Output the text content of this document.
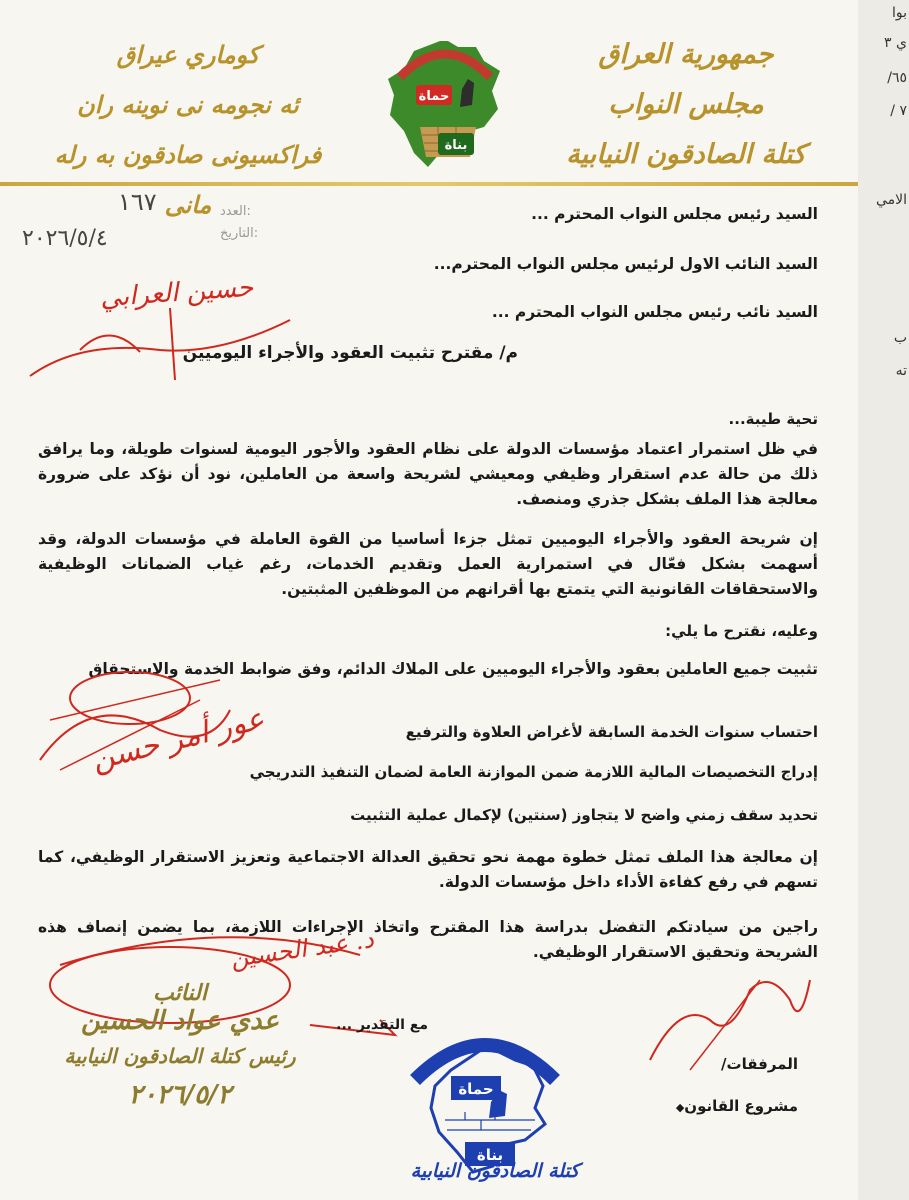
جمهورية العراق
مجلس النواب
كتلة الصادقون النيابية
كوماري عيراق
ئه نجومه نى نوينه ران
فراكسيونى صادقون به رله مانى
حماة
بناة
العدد:
١٦٧
التاريخ:
٢٠٢٦/٥/٤
السيد رئيس مجلس النواب المحترم ...
السيد النائب الاول لرئيس مجلس النواب المحترم...
السيد نائب رئيس مجلس النواب المحترم ...
حسين العرابي
م/ مقترح تثبيت العقود والأجراء اليوميين
تحية طيبة...
في ظل استمرار اعتماد مؤسسات الدولة على نظام العقود والأجور اليومية لسنوات طويلة، وما يرافق ذلك من حالة عدم استقرار وظيفي ومعيشي لشريحة واسعة من العاملين، نود أن نؤكد على ضرورة معالجة هذا الملف بشكل جذري ومنصف.
إن شريحة العقود والأجراء اليوميين تمثل جزءا أساسيا من القوة العاملة في مؤسسات الدولة، وقد أسهمت بشكل فعّال في استمرارية العمل وتقديم الخدمات، رغم غياب الضمانات الوظيفية والاستحقاقات القانونية التي يتمتع بها أقرانهم من الموظفين المثبتين.
وعليه، نقترح ما يلي:
تثبيت جميع العاملين بعقود والأجراء اليوميين على الملاك الدائم، وفق ضوابط الخدمة والاستحقاق
احتساب سنوات الخدمة السابقة لأغراض العلاوة والترفيع
إدراج التخصيصات المالية اللازمة ضمن الموازنة العامة لضمان التنفيذ التدريجي
تحديد سقف زمني واضح لا يتجاوز (سنتين) لإكمال عملية التثبيت
عور أمر حسن
إن معالجة هذا الملف تمثل خطوة مهمة نحو تحقيق العدالة الاجتماعية وتعزيز الاستقرار الوظيفي، كما تسهم في رفع كفاءة الأداء داخل مؤسسات الدولة.
راجين من سيادتكم التفضل بدراسة هذا المقترح واتخاذ الإجراءات اللازمة، بما يضمن إنصاف هذه الشريحة وتحقيق الاستقرار الوظيفي.
د. عبد الحسين
مع التقدير ...
النائب
عدي عواد الحسين
رئيس كتلة الصادقون النيابية
٢٠٢٦/٥/٢	حماة
بناة
كتلة الصادقون النيابية
المرفقات/
مشروع القانون◆
بوا
ي ٣
/٦٥
/ ٧
الامي
ب
ته
